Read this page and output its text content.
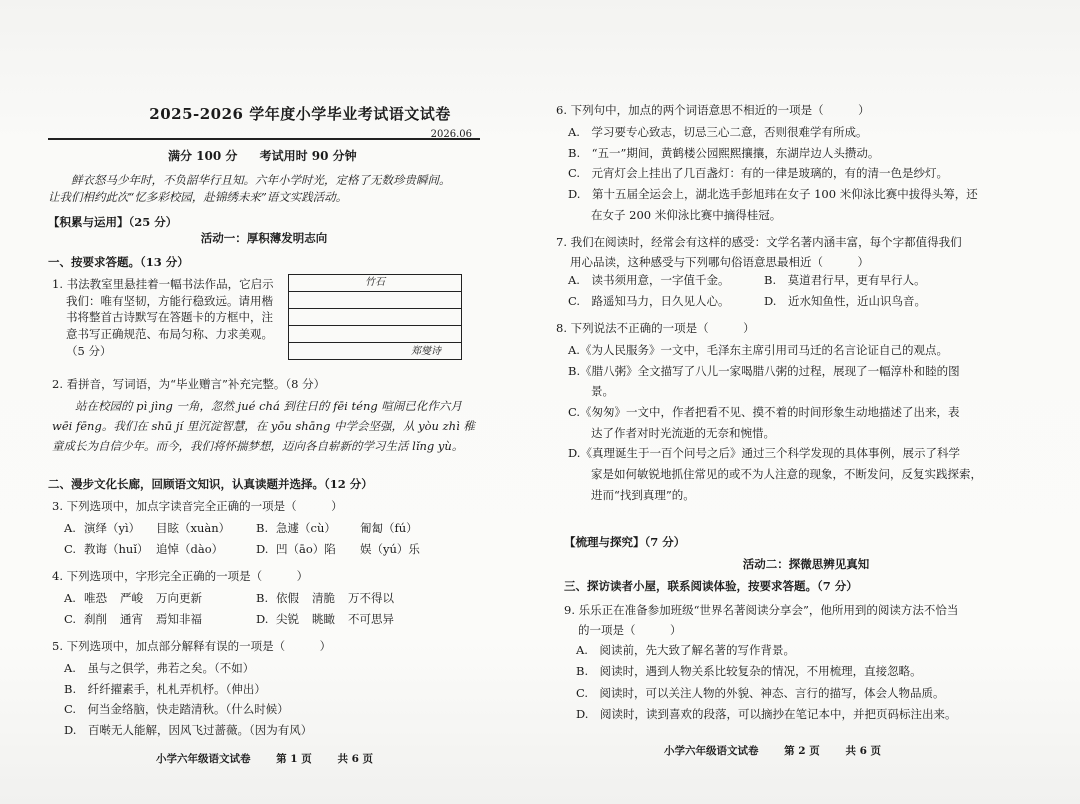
2025-2026 学年度小学毕业考试语文试卷
2026.06
满分 100 分 考试用时 90 分钟

鲜衣怒马少年时，不负韶华行且知。六年小学时光，定格了无数珍贵瞬间。

让我们相约此次“忆多彩校园，赴锦绣未来”语文实践活动。

【积累与运用】（25 分）
活动一：厚积薄发明志向
一、按要求答题。（13 分）
1. 书法教室里悬挂着一幅书法作品，它启示
我们：唯有坚韧，方能行稳致远。请用楷
书将整首古诗默写在答题卡的方框中，注
意书写正确规范、布局匀称、力求美观。
（5 分）
竹石
郑燮诗
2. 看拼音，写词语，为“毕业赠言”补充完整。（8 分）
站在校园的 pì jìng 一角，忽然 jué chá 到往日的 fēi téng 喧闹已化作六月
wēi fēng。我们在 shū jí 里沉淀智慧，在 yōu shāng 中学会坚强，从 yòu zhì 稚
童成长为自信少年。而今，我们将怀揣梦想，迈向各自崭新的学习生活 lǐng yù。
二、漫步文化长廊，回顾语文知识，认真读题并选择。（12 分）
3. 下列选项中，加点字读音完全正确的一项是（　　　）
A. 演绎（yì）	目眩（xuàn）	B. 急遽（cù）	匍匐（fú）
C. 教诲（huǐ） 追悼（dào）	D. 凹（āo）陷	娱（yú）乐
4. 下列选项中，字形完全正确的一项是（　　　）
A. 唯恐	严峻	万向更新	B. 依假	清脆	万不得以
C. 刹削	通宵	焉知非福	D. 尖锐	眺瞰	不可思异
5. 下列选项中，加点部分解释有误的一项是（　　　）
A.　虽与之俱学，弗若之矣。（不如）
B.　纤纤擢素手，札札弄机杼。（伸出）
C.　何当金络脑，快走踏清秋。（什么时候）
D.　百啭无人能解，因风飞过蔷薇。（因为有风）
小学六年级语文试卷 第 1 页 共 6 页
6. 下列句中，加点的两个词语意思不相近的一项是（　　　）
A.　学习要专心致志，切忌三心二意，否则很难学有所成。
B.　“五一”期间，黄鹤楼公园熙熙攘攘，东湖岸边人头攒动。
C.　元宵灯会上挂出了几百盏灯：有的一律是玻璃的，有的清一色是纱灯。
D.　第十五届全运会上，湖北选手彭旭玮在女子 100 米仰泳比赛中拔得头筹，还
　　在女子 200 米仰泳比赛中摘得桂冠。
7. 我们在阅读时，经常会有这样的感受：文学名著内涵丰富，每个字都值得我们
用心品读，这种感受与下列哪句俗语意思最相近（　　　）
A.　读书须用意，一字值千金。	B.　莫道君行早，更有早行人。
C.　路遥知马力，日久见人心。	D.　近水知鱼性，近山识鸟音。
8. 下列说法不正确的一项是（　　　）
A.《为人民服务》一文中，毛泽东主席引用司马迁的名言论证自己的观点。
B.《腊八粥》全文描写了八儿一家喝腊八粥的过程，展现了一幅淳朴和睦的图
　　景。
C.《匆匆》一文中，作者把看不见、摸不着的时间形象生动地描述了出来，表
　　达了作者对时光流逝的无奈和惋惜。
D.《真理诞生于一百个问号之后》通过三个科学发现的具体事例，展示了科学
　　家是如何敏锐地抓住常见的或不为人注意的现象，不断发问，反复实践探索，
　　进而“找到真理”的。
【梳理与探究】（7 分）
活动二：探微思辨见真知
三、探访读者小屋，联系阅读体验，按要求答题。（7 分）
9. 乐乐正在准备参加班级“世界名著阅读分享会”，他所用到的阅读方法不恰当
的一项是（　　　）
A.　阅读前，先大致了解名著的写作背景。
B.　阅读时，遇到人物关系比较复杂的情况，不用梳理，直接忽略。
C.　阅读时，可以关注人物的外貌、神态、言行的描写，体会人物品质。
D.　阅读时，读到喜欢的段落，可以摘抄在笔记本中，并把页码标注出来。
小学六年级语文试卷 第 2 页 共 6 页
